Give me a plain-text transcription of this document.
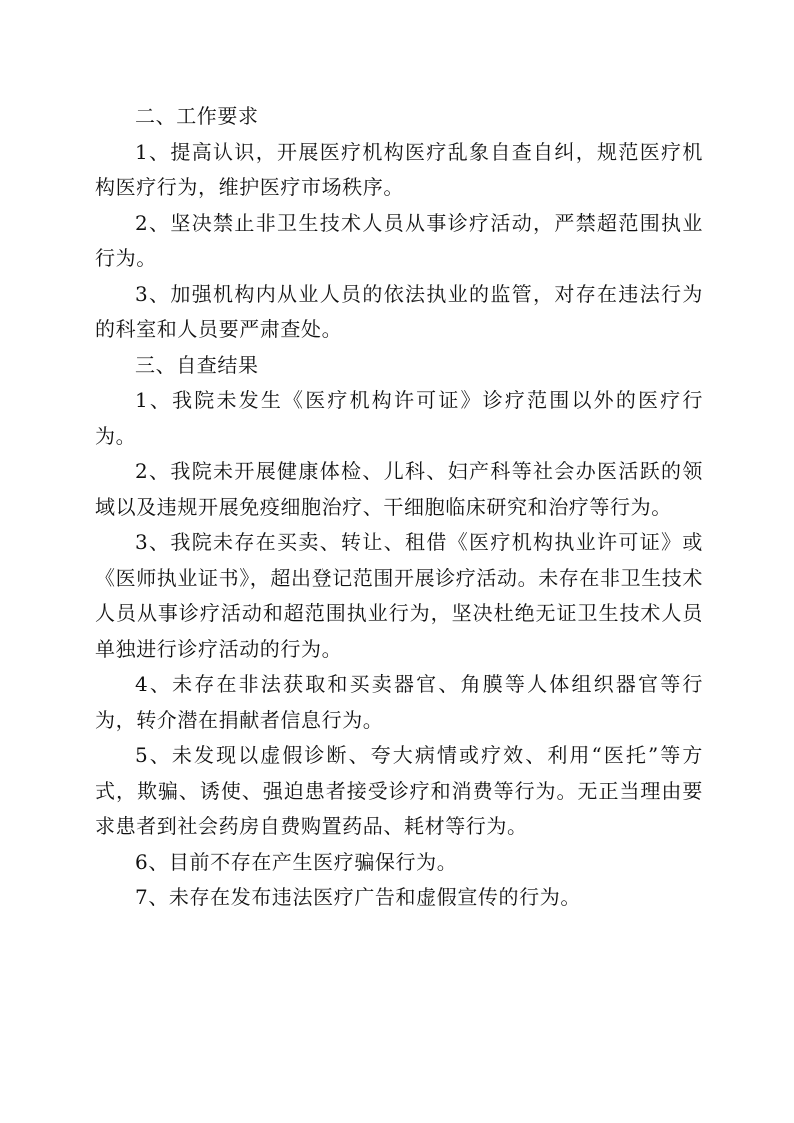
二、工作要求

1、提高认识，开展医疗机构医疗乱象自查自纠，规范医疗机构医疗行为，维护医疗市场秩序。

2、坚决禁止非卫生技术人员从事诊疗活动，严禁超范围执业行为。

3、加强机构内从业人员的依法执业的监管，对存在违法行为的科室和人员要严肃查处。

三、自查结果

1、我院未发生《医疗机构许可证》诊疗范围以外的医疗行为。

2、我院未开展健康体检、儿科、妇产科等社会办医活跃的领域以及违规开展免疫细胞治疗、干细胞临床研究和治疗等行为。

3、我院未存在买卖、转让、租借《医疗机构执业许可证》或《医师执业证书》，超出登记范围开展诊疗活动。未存在非卫生技术人员从事诊疗活动和超范围执业行为，坚决杜绝无证卫生技术人员单独进行诊疗活动的行为。

4、未存在非法获取和买卖器官、角膜等人体组织器官等行为，转介潜在捐献者信息行为。

5、未发现以虚假诊断、夸大病情或疗效、利用“医托”等方式，欺骗、诱使、强迫患者接受诊疗和消费等行为。无正当理由要求患者到社会药房自费购置药品、耗材等行为。

6、目前不存在产生医疗骗保行为。

7、未存在发布违法医疗广告和虚假宣传的行为。
